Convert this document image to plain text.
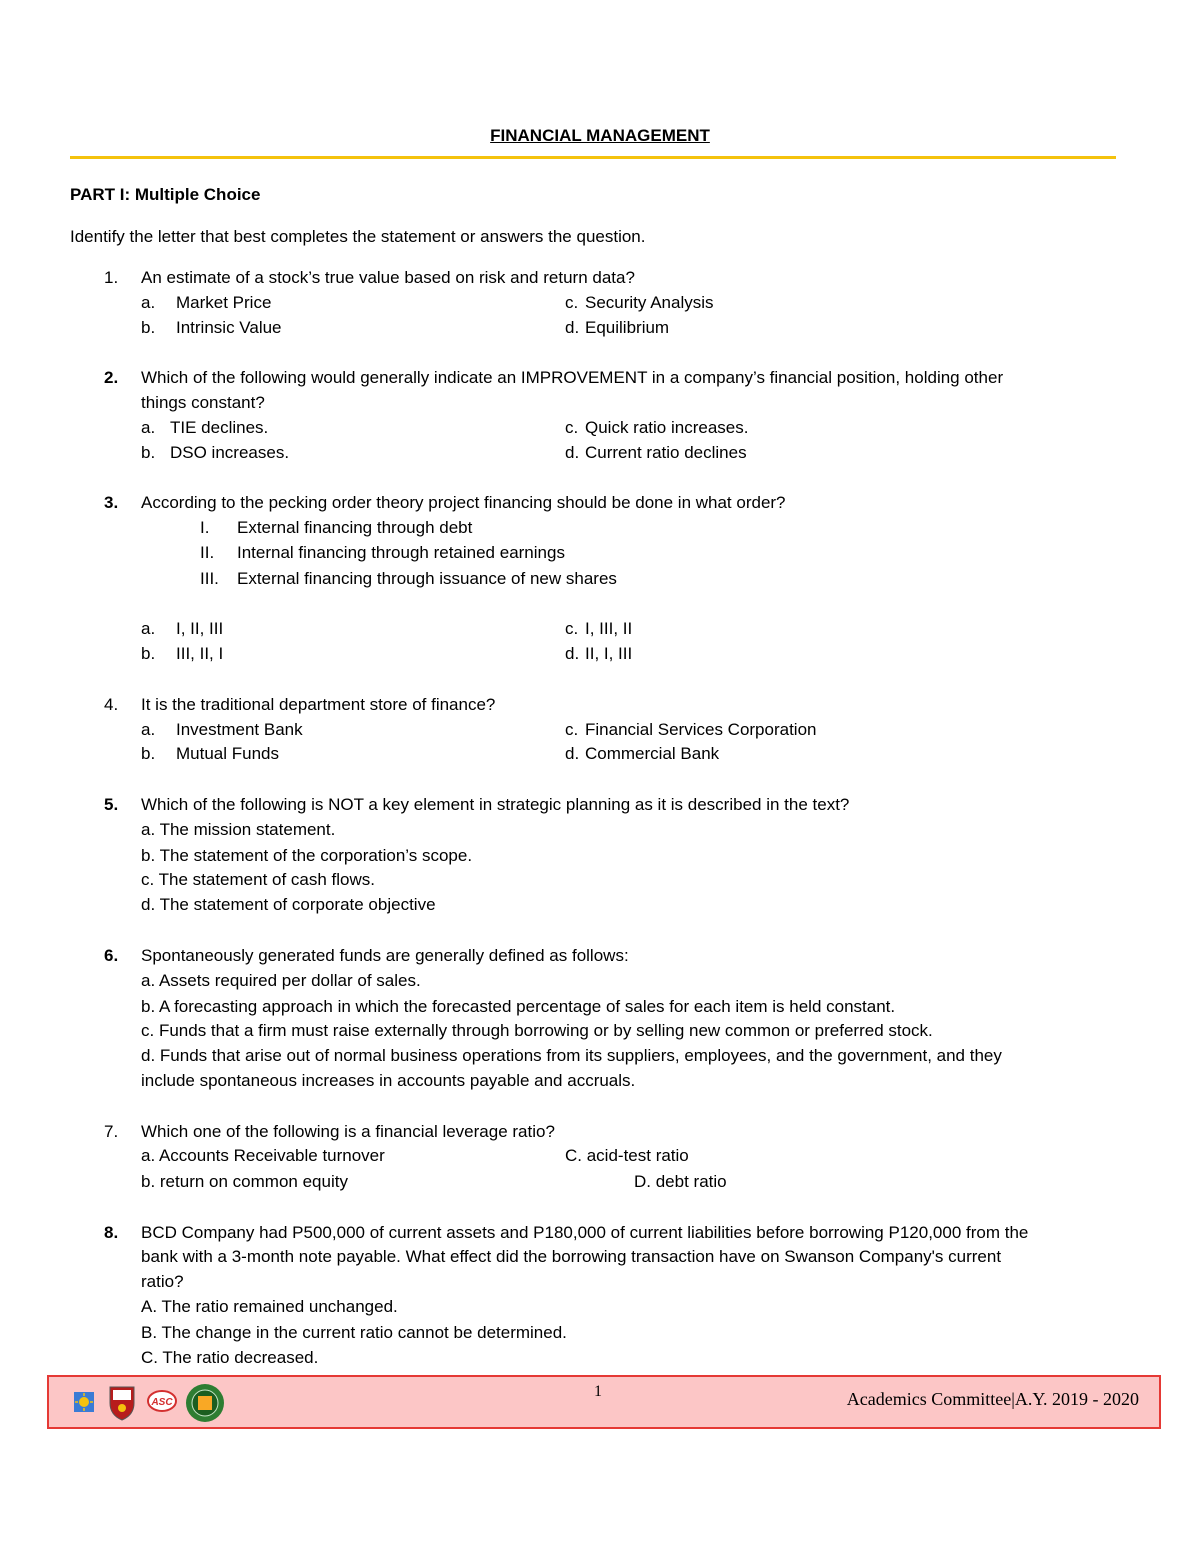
FINANCIAL MANAGEMENT
PART I: Multiple Choice
Identify the letter that best completes the statement or answers the question.
1. An estimate of a stock’s true value based on risk and return data?
a. Market Price
b. Intrinsic Value
c. Security Analysis
d. Equilibrium
2. Which of the following would generally indicate an IMPROVEMENT in a company’s financial position, holding other
things constant?
a. TIE declines.
b. DSO increases.
c. Quick ratio increases.
d. Current ratio declines
3. According to the pecking order theory project financing should be done in what order?
I. External financing through debt
II. Internal financing through retained earnings
III. External financing through issuance of new shares
a. I, II, III
b. III, II, I
c. I, III, II
d. II, I, III
4. It is the traditional department store of finance?
a. Investment Bank
b. Mutual Funds
c. Financial Services Corporation
d. Commercial Bank
5. Which of the following is NOT a key element in strategic planning as it is described in the text?
a. The mission statement.
b. The statement of the corporation’s scope.
c. The statement of cash flows.
d. The statement of corporate objective
6. Spontaneously generated funds are generally defined as follows:
a. Assets required per dollar of sales.
b. A forecasting approach in which the forecasted percentage of sales for each item is held constant.
c. Funds that a firm must raise externally through borrowing or by selling new common or preferred stock.
d. Funds that arise out of normal business operations from its suppliers, employees, and the government, and they
include spontaneous increases in accounts payable and accruals.
7. Which one of the following is a financial leverage ratio?
a. Accounts Receivable turnover	C. acid-test ratio
b. return on common equity	D. debt ratio
8. BCD Company had P500,000 of current assets and P180,000 of current liabilities before borrowing P120,000 from the
bank with a 3-month note payable. What effect did the borrowing transaction have on Swanson Company's current
ratio?
A. The ratio remained unchanged.
B. The change in the current ratio cannot be determined.
C. The ratio decreased.
ASC
1	Academics Committee|A.Y. 2019 - 2020
